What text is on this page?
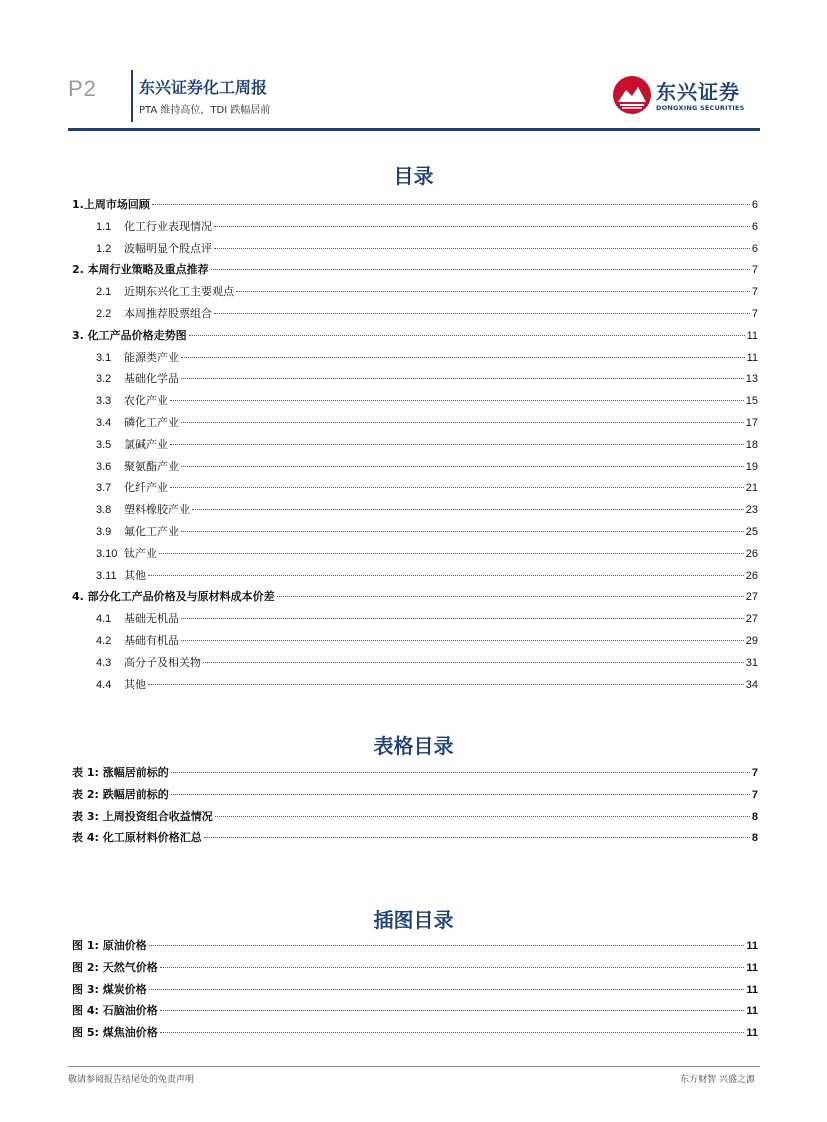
P2	东兴证券化工周报
PTA 维持高位，TDI 跌幅居前
东兴证券
DONGXING SECURITIES
目录
1.上周市场回顾	6
1.1	化工行业表现情况	6
1.2	波幅明显个股点评	6
2. 本周行业策略及重点推荐	7
2.1	近期东兴化工主要观点	7
2.2	本周推荐股票组合	7
3. 化工产品价格走势图	11
3.1	能源类产业	11
3.2	基础化学品	13
3.3	农化产业	15
3.4	磷化工产业	17
3.5	氯碱产业	18
3.6	聚氨酯产业	19
3.7	化纤产业	21
3.8	塑料橡胶产业	23
3.9	氟化工产业	25
3.10 钛产业	26
3.11 其他	26
4. 部分化工产品价格及与原材料成本价差	27
4.1	基础无机品	27
4.2	基础有机品	29
4.3	高分子及相关物	31
4.4	其他	34
表格目录
表 1: 涨幅居前标的	7
表 2: 跌幅居前标的	7
表 3: 上周投资组合收益情况	8
表 4: 化工原材料价格汇总	8
插图目录
图 1: 原油价格	11
图 2: 天然气价格	11
图 3: 煤炭价格	11
图 4: 石脑油价格	11
图 5: 煤焦油价格	11
敬请参阅报告结尾处的免责声明	东方财智 兴盛之源
